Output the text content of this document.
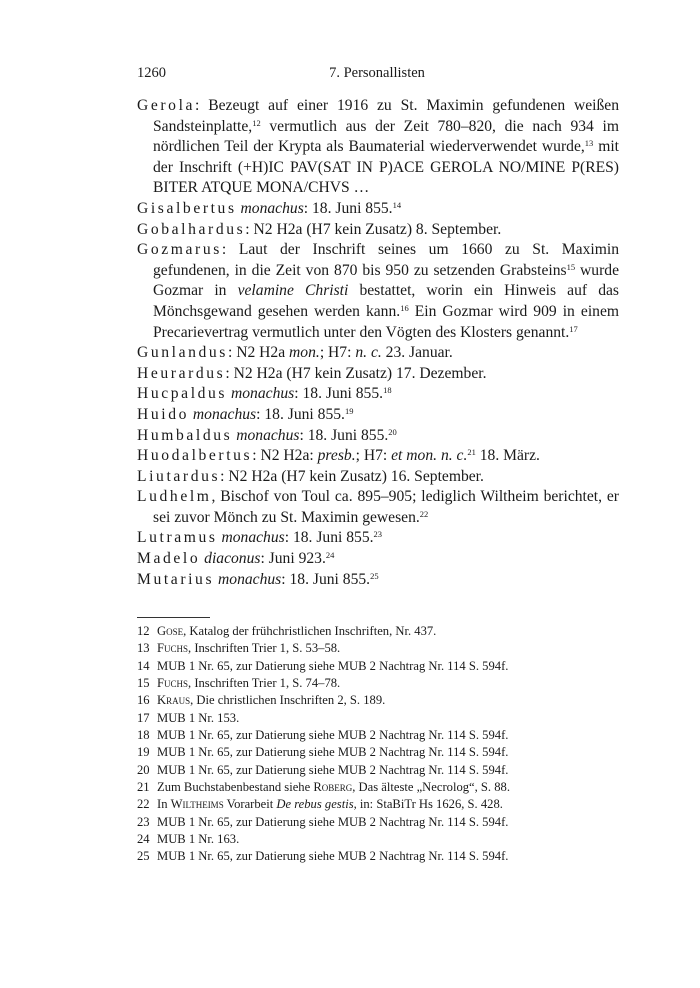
1260	7. Personallisten

Gerola: Bezeugt auf einer 1916 zu St. Maximin gefundenen weißen Sandsteinplatte,$^{12}$ vermutlich aus der Zeit 780–820, die nach 934 im nördlichen Teil der Krypta als Baumaterial wiederverwendet wurde,$^{13}$ mit der Inschrift (+H)IC PAV(SAT IN P)ACE GEROLA NO/MINE P(RES) BITER ATQUE MONA/CHVS …

Gisalbertus monachus: 18. Juni 855.14

Gobalhardus: N2 H2a (H7 kein Zusatz) 8. September.

Gozmarus: Laut der Inschrift seines um 1660 zu St. Maximin gefundenen, in die Zeit von 870 bis 950 zu setzenden Grabsteins$^{15}$ wurde Gozmar in velamine Christi bestattet, worin ein Hinweis auf das Mönchsgewand gesehen werden kann.$^{16}$ Ein Gozmar wird 909 in einem Precarievertrag vermutlich unter den Vögten des Klosters genannt.$^{17}$

Gunlandus: N2 H2a mon.; H7: n. c. 23. Januar.

Heurardus: N2 H2a (H7 kein Zusatz) 17. Dezember.

Hucpaldus monachus: 18. Juni 855.18

Huido monachus: 18. Juni 855.19

Humbaldus monachus: 18. Juni 855.20

Huodalbertus: N2 H2a: presb.; H7: et mon. n. c.$^{21}$ 18. März.

Liutardus: N2 H2a (H7 kein Zusatz) 16. September.

Ludhelm, Bischof von Toul ca. 895–905; lediglich Wiltheim berichtet, er sei zuvor Mönch zu St. Maximin gewesen.$^{22}$

Lutramus monachus: 18. Juni 855.23

Madelo diaconus: Juni 923.24

Mutarius monachus: 18. Juni 855.25

12 Gose, Katalog der frühchristlichen Inschriften, Nr. 437.
13 Fuchs, Inschriften Trier 1, S. 53–58.
14 MUB 1 Nr. 65, zur Datierung siehe MUB 2 Nachtrag Nr. 114 S. 594f.
15 Fuchs, Inschriften Trier 1, S. 74–78.
16 Kraus, Die christlichen Inschriften 2, S. 189.
17 MUB 1 Nr. 153.
18 MUB 1 Nr. 65, zur Datierung siehe MUB 2 Nachtrag Nr. 114 S. 594f.
19 MUB 1 Nr. 65, zur Datierung siehe MUB 2 Nachtrag Nr. 114 S. 594f.
20 MUB 1 Nr. 65, zur Datierung siehe MUB 2 Nachtrag Nr. 114 S. 594f.
21 Zum Buchstabenbestand siehe Roberg, Das älteste „Necrolog“, S. 88.
22 In Wiltheims Vorarbeit De rebus gestis, in: StaBiTr Hs 1626, S. 428.
23 MUB 1 Nr. 65, zur Datierung siehe MUB 2 Nachtrag Nr. 114 S. 594f.
24 MUB 1 Nr. 163.
25 MUB 1 Nr. 65, zur Datierung siehe MUB 2 Nachtrag Nr. 114 S. 594f.
